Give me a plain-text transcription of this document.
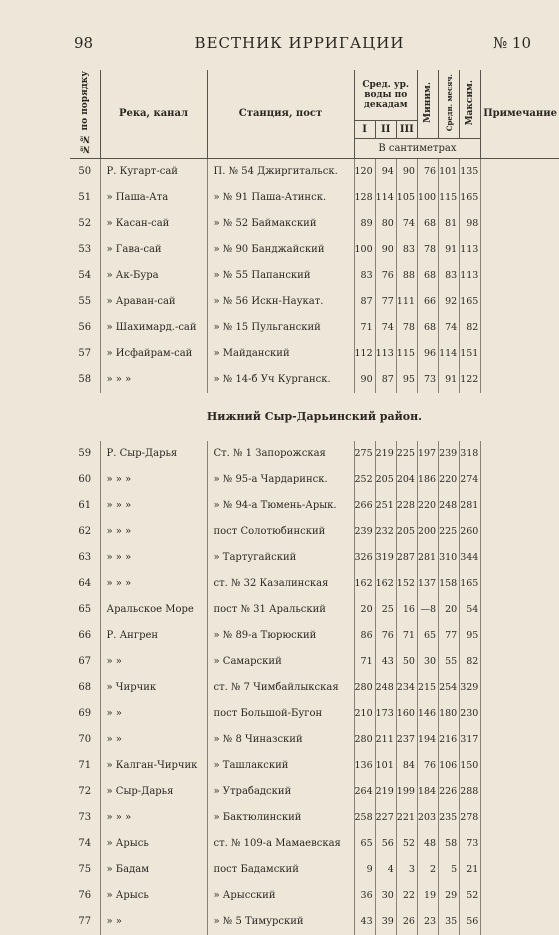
98	ВЕСТНИК ИРРИГАЦИИ	№ 10
№№ по порядку	Река, канал	Станция, пост	Сред. ур. воды по декадам			Миним.	Средн. месяч.	Максим.	Примечание
			I	II	III				
			В сантиметрах						
50	Р. Кугарт-сай	П. № 54 Джиргитальск.	120	94	90	76	101	135	
51	» Паша-Ата	» № 91 Паша-Атинск.	128	114	105	100	115	165	
52	» Касан-сай	» № 52 Баймакский	89	80	74	68	81	98	
53	» Гава-сай	» № 90 Банджайский	100	90	83	78	91	113	
54	» Ак-Бура	» № 55 Папанский	83	76	88	68	83	113	
55	» Араван-сай	» № 56 Искн-Наукат.	87	77	111	66	92	165	
56	» Шахимард.-сай	» № 15 Пульганский	71	74	78	68	74	82	
57	» Исфайрам-сай	» Майданский	112	113	115	96	114	151	
58	» » »	» № 14-б Уч Курганск.	90	87	95	73	91	122	
Нижний Сыр-Дарьинский район.									
59	Р. Сыр-Дарья	Ст. № 1 Запорожская	275	219	225	197	239	318	
60	» » »	» № 95-а Чардаринск.	252	205	204	186	220	274	
61	» » »	» № 94-а Тюмень-Арык.	266	251	228	220	248	281	
62	» » »	пост Солотюбинский	239	232	205	200	225	260	
63	» » »	» Тартугайский	326	319	287	281	310	344	
64	» » »	ст. № 32 Казалинская	162	162	152	137	158	165	
65	Аральское Море	пост № 31 Аральский	20	25	16	—8	20	54	
66	Р. Ангрен	» № 89-а Тюрюский	86	76	71	65	77	95	
67	» »	» Самарский	71	43	50	30	55	82	
68	» Чирчик	ст. № 7 Чимбайлыкская	280	248	234	215	254	329	
69	» »	пост Большой-Бугон	210	173	160	146	180	230	
70	» »	» № 8 Чиназский	280	211	237	194	216	317	
71	» Калган-Чирчик	» Ташлакский	136	101	84	76	106	150	
72	» Сыр-Дарья	» Утрабадский	264	219	199	184	226	288	
73	» » »	» Бактюлинский	258	227	221	203	235	278	
74	» Арысь	ст. № 109-а Мамаевская	65	56	52	48	58	73	
75	» Бадам	пост Бадамский	9	4	3	2	5	21	
76	» Арысь	» Арысский	36	30	22	19	29	52	
77	» »	» № 5 Тимурский	43	39	26	23	35	56	
